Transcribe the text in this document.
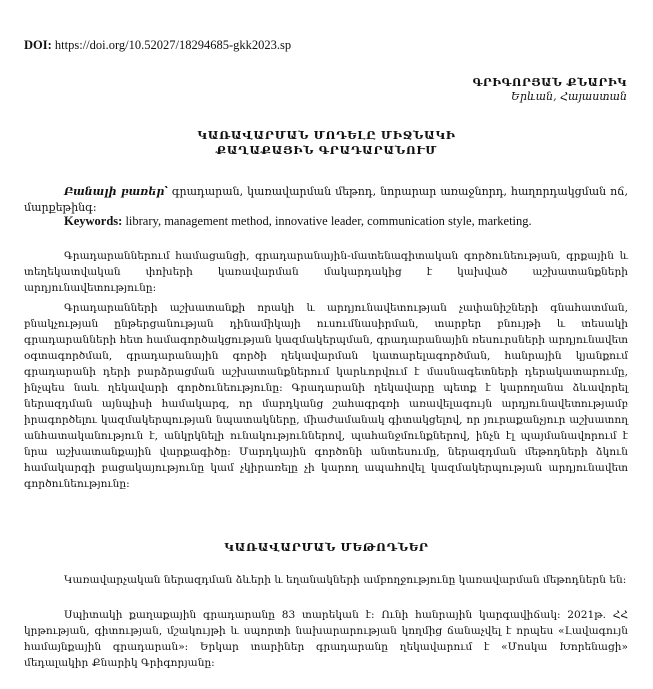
DOI: https://doi.org/10.52027/18294685-gkk2023.sp
ԳՐԻԳՈՐՅԱՆ ՔՆԱՐԻԿ
Երևան, Հայաստան
ԿԱՌԱՎԱՐՄԱՆ ՄՈԴԵԼԸ ՄԻՋՆԱԿԻ
ՔԱՂԱՔԱՅԻՆ ԳՐԱԴԱՐԱՆՈՒՄ
Բանալի բառեր՝ գրադարան, կառավարման մեթոդ, նորարար առաջնորդ, հաղորդակցման ոճ, մարքեթինգ:
Keywords: library, management method, innovative leader, communication style, marketing.
Գրադարաններում համացանցի, գրադարանային-մատենագիտական գործունեության, գրքային և տեղեկատվական փոխերի կառավարման մակարդակից է կախված աշխատանքների արդյունավետությունը:
Գրադարանների աշխատանքի որակի և արդյունավետության չափանիշների գնահատման, բնակչության ընթերցանության դինամիկայի ուսումնասիրման, տարբեր բնույթի և տեսակի գրադարանների հետ համագործակցության կազմակերպման, գրադարանային ռեսուրսների արդյունավետ օգտագործման, գրադարանային գործի ղեկավարման կատարելագործման, հանրային կյանքում գրադարանի դերի բարձրացման աշխատանքներում կարևորվում է մասնագետների դերակատարումը, ինչպես նաև ղեկավարի գործունեությունը: Գրադարանի ղեկավարը պետք է կարողանա ձևավորել ներազդման այնպիսի համակարգ, որ մարդկանց շահագրգռի առավելագույն արդյունավետությամբ իրագործելու կազմակերպության նպատակները, միաժամանակ գիտակցելով, որ յուրաքանչյուր աշխատող անհատականություն է, անկրկնելի ունակություններով, պահանջմունքներով, ինչն էլ պայմանավորում է նրա աշխատանքային վարքագիծը: Մարդկային գործոնի անտեսումը, ներազդման մեթոդների ձկուն համակարգի բացակայությունը կամ չկիրառելը չի կարող ապահովել կազմակերպության արդյունավետ գործունեությունը:
ԿԱՌԱՎԱՐՄԱՆ ՄԵԹՈԴՆԵՐ
Կառավարչական ներազդման ձևերի և եղանակների ամբողջությունը կառավարման մեթոդներն են:
Սպիտակի քաղաքային գրադարանը 83 տարեկան է: Ունի հանրային կարգավիճակ: 2021թ. ՀՀ կրթության, գիտության, մշակույթի և սպորտի նախարարության կողմից ճանաչվել է որպես «Լավագույն համայնքային գրադարան»: Երկար տարիներ գրադարանը ղեկավարում է «Մոսկա Խորենացի» մեդալակիր Քնարիկ Գրիգորյանը:
